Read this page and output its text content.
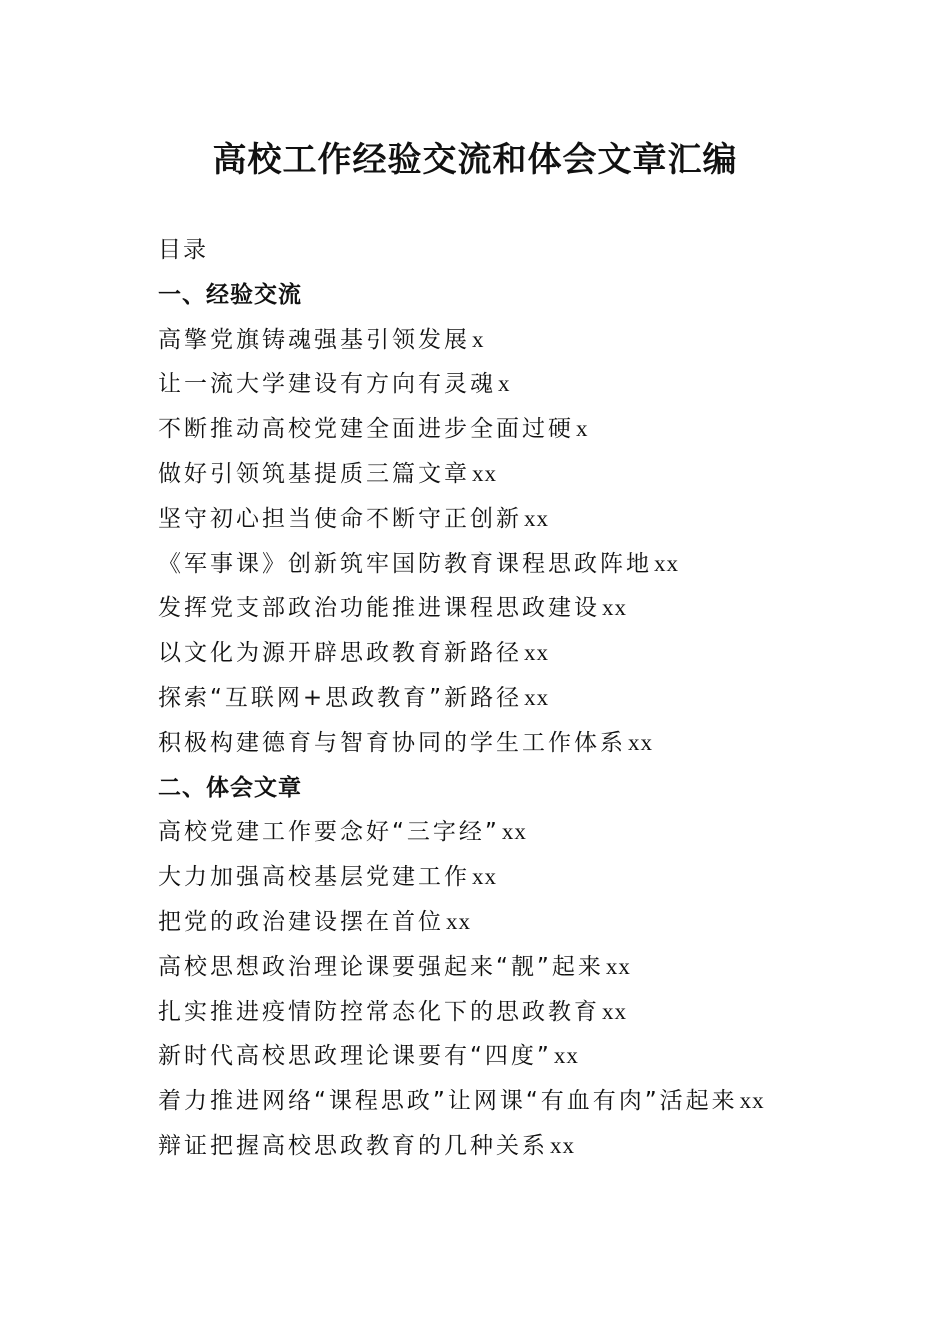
高校工作经验交流和体会文章汇编
目录
一、经验交流
高擎党旗铸魂强基引领发展x
让一流大学建设有方向有灵魂x
不断推动高校党建全面进步全面过硬x
做好引领筑基提质三篇文章xx
坚守初心担当使命不断守正创新xx
《军事课》创新筑牢国防教育课程思政阵地xx
发挥党支部政治功能推进课程思政建设xx
以文化为源开辟思政教育新路径xx
探索“互联网+思政教育”新路径xx
积极构建德育与智育协同的学生工作体系xx
二、体会文章
高校党建工作要念好“三字经”xx
大力加强高校基层党建工作xx
把党的政治建设摆在首位xx
高校思想政治理论课要强起来“靓”起来xx
扎实推进疫情防控常态化下的思政教育xx
新时代高校思政理论课要有“四度”xx
着力推进网络“课程思政”让网课“有血有肉”活起来xx
辩证把握高校思政教育的几种关系xx
